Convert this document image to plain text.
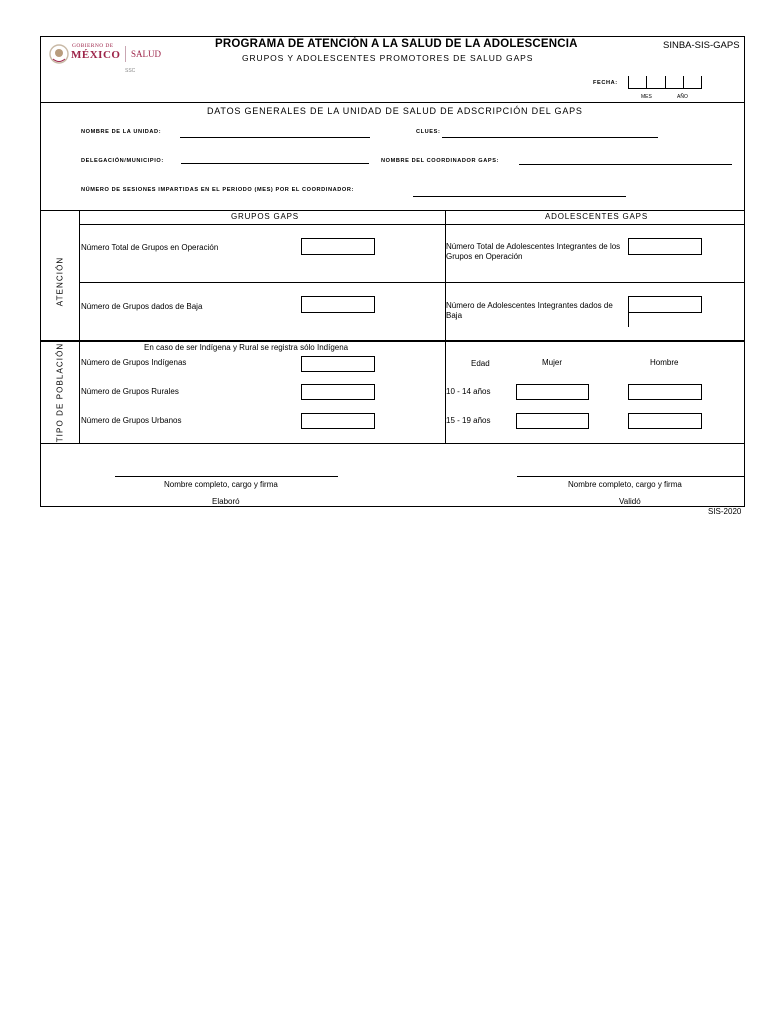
GOBIERNO DE
MÉXICO SALUD
SSC
PROGRAMA DE ATENCIÓN A LA SALUD DE LA ADOLESCENCIA
GRUPOS Y ADOLESCENTES PROMOTORES DE SALUD GAPS
SINBA-SIS-GAPS
FECHA:
MES	AÑO
DATOS GENERALES DE LA UNIDAD DE SALUD DE ADSCRIPCIÓN DEL GAPS
NOMBRE DE LA UNIDAD:	CLUES:
DELEGACIÓN/MUNICIPIO:	NOMBRE DEL COORDINADOR GAPS:
NÚMERO DE SESIONES IMPARTIDAS EN EL PERIODO (MES) POR EL COORDINADOR:
GRUPOS GAPS	ADOLESCENTES GAPS
ATENCIÓN
Número Total de Grupos en Operación	Número Total de Adolescentes Integrantes de los Grupos en Operación
Número de Grupos dados de Baja	Número de Adolescentes Integrantes dados de Baja
TIPO DE POBLACIÓN	En caso de ser Indígena y Rural se registra sólo Indígena
Número de Grupos Indígenas
Número de Grupos Rurales
Número de Grupos Urbanos
Edad	Mujer	Hombre
10 - 14 años
15 - 19 años
Nombre completo, cargo y firma
Elaboró
Nombre completo, cargo y firma
Validó
SIS-2020
